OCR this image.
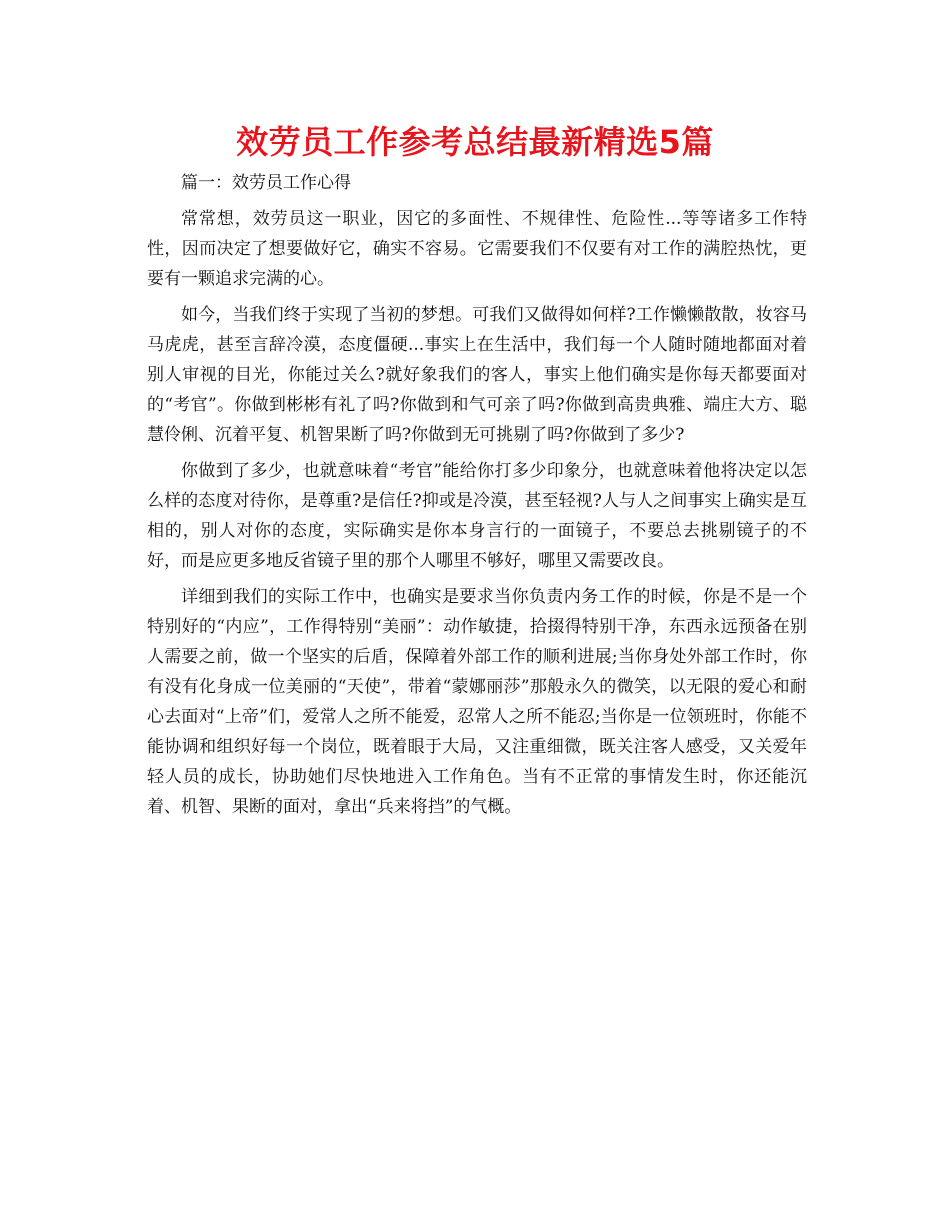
效劳员工作参考总结最新精选5篇

篇一：效劳员工作心得

常常想，效劳员这一职业，因它的多面性、不规律性、危险性...等等诸多工作特性，因而决定了想要做好它，确实不容易。它需要我们不仅要有对工作的满腔热忱，更要有一颗追求完满的心。

如今，当我们终于实现了当初的梦想。可我们又做得如何样?工作懒懒散散，妆容马马虎虎，甚至言辞冷漠，态度僵硬...事实上在生活中，我们每一个人随时随地都面对着别人审视的目光，你能过关么?就好象我们的客人，事实上他们确实是你每天都要面对的“考官”。你做到彬彬有礼了吗?你做到和气可亲了吗?你做到高贵典雅、端庄大方、聪慧伶俐、沉着平复、机智果断了吗?你做到无可挑剔了吗?你做到了多少?

你做到了多少，也就意味着“考官”能给你打多少印象分，也就意味着他将决定以怎么样的态度对待你，是尊重?是信任?抑或是冷漠，甚至轻视?人与人之间事实上确实是互相的，别人对你的态度，实际确实是你本身言行的一面镜子，不要总去挑剔镜子的不好，而是应更多地反省镜子里的那个人哪里不够好，哪里又需要改良。

详细到我们的实际工作中，也确实是要求当你负责内务工作的时候，你是不是一个特别好的“内应”，工作得特别“美丽”：动作敏捷，拾掇得特别干净，东西永远预备在别人需要之前，做一个坚实的后盾，保障着外部工作的顺利进展;当你身处外部工作时，你有没有化身成一位美丽的“天使”，带着“蒙娜丽莎”那般永久的微笑，以无限的爱心和耐心去面对“上帝”们，爱常人之所不能爱，忍常人之所不能忍;当你是一位领班时，你能不能协调和组织好每一个岗位，既着眼于大局，又注重细微，既关注客人感受，又关爱年轻人员的成长，协助她们尽快地进入工作角色。当有不正常的事情发生时，你还能沉着、机智、果断的面对，拿出“兵来将挡”的气概。
